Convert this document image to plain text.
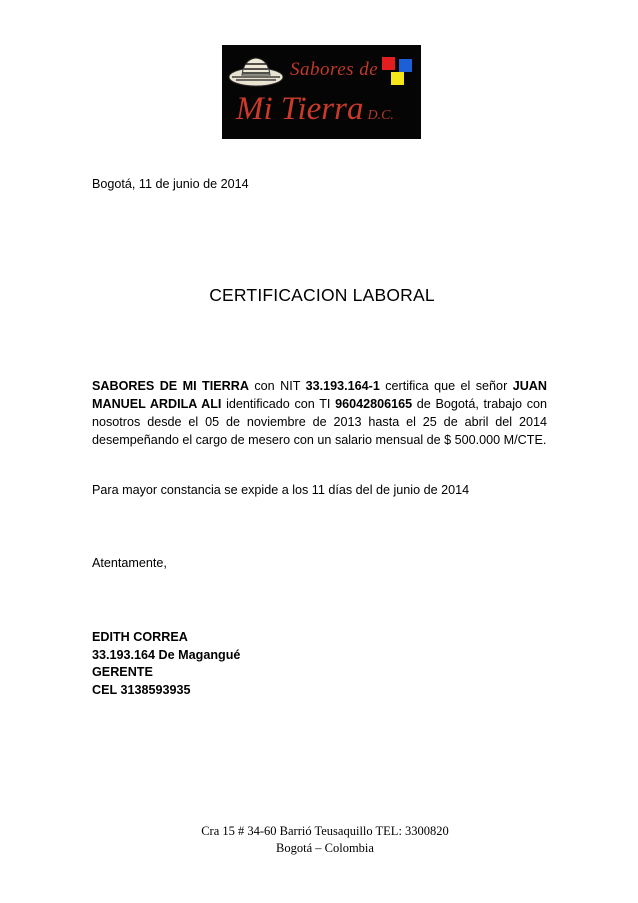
Sabores de
Mi Tierra D.C.
Bogotá, 11 de junio de 2014
CERTIFICACION LABORAL
SABORES DE MI TIERRA con NIT 33.193.164-1 certifica que el señor JUAN MANUEL ARDILA ALI identificado con TI 96042806165 de Bogotá, trabajo con nosotros desde el 05 de noviembre de 2013 hasta el 25 de abril del 2014 desempeñando el cargo de mesero con un salario mensual de $ 500.000 M/CTE.
Para mayor constancia se expide a los 11 días del de junio de 2014
Atentamente,
EDITH CORREA
33.193.164 De Magangué
GERENTE
CEL 3138593935
Cra 15 # 34-60 Barrió Teusaquillo TEL: 3300820
Bogotá – Colombia
